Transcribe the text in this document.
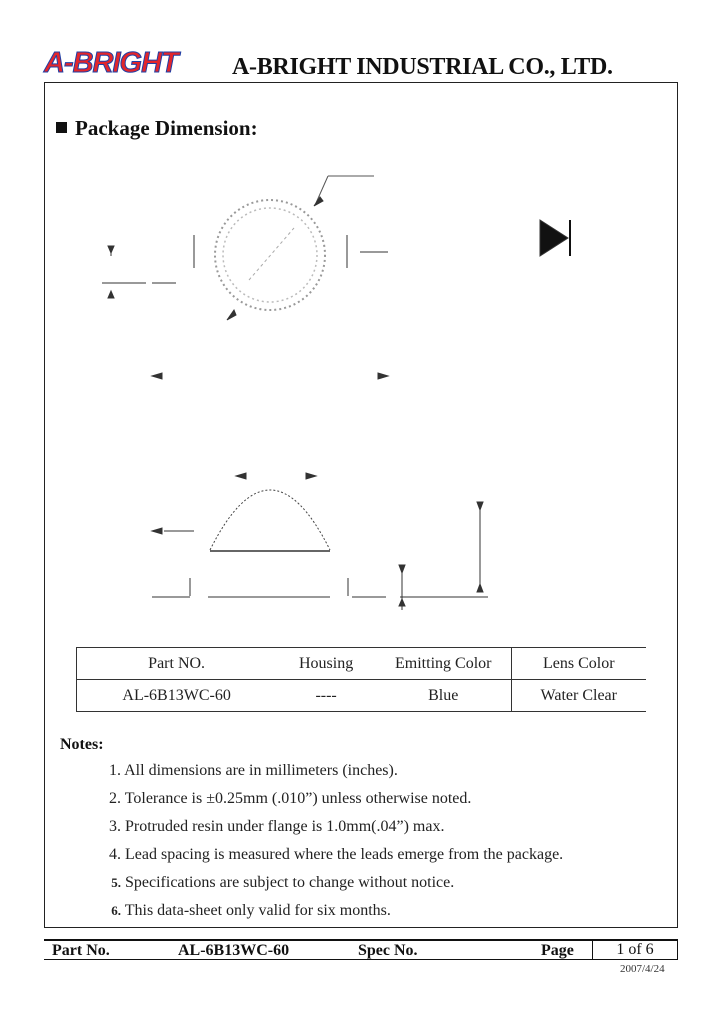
A-BRIGHT A-BRIGHT INDUSTRIAL CO., LTD.
Package Dimension:
Part NO.	Housing	Emitting Color	Lens Color
AL-6B13WC-60	----	Blue	Water Clear
Notes:
1. All dimensions are in millimeters (inches).
2. Tolerance is ±0.25mm (.010”) unless otherwise noted.
3. Protruded resin under flange is 1.0mm(.04”) max.
4. Lead spacing is measured where the leads emerge from the package.
5. Specifications are subject to change without notice.
6. This data-sheet only valid for six months.
Part No.	AL-6B13WC-60	Spec No.	Page	1 of 6
2007/4/24
